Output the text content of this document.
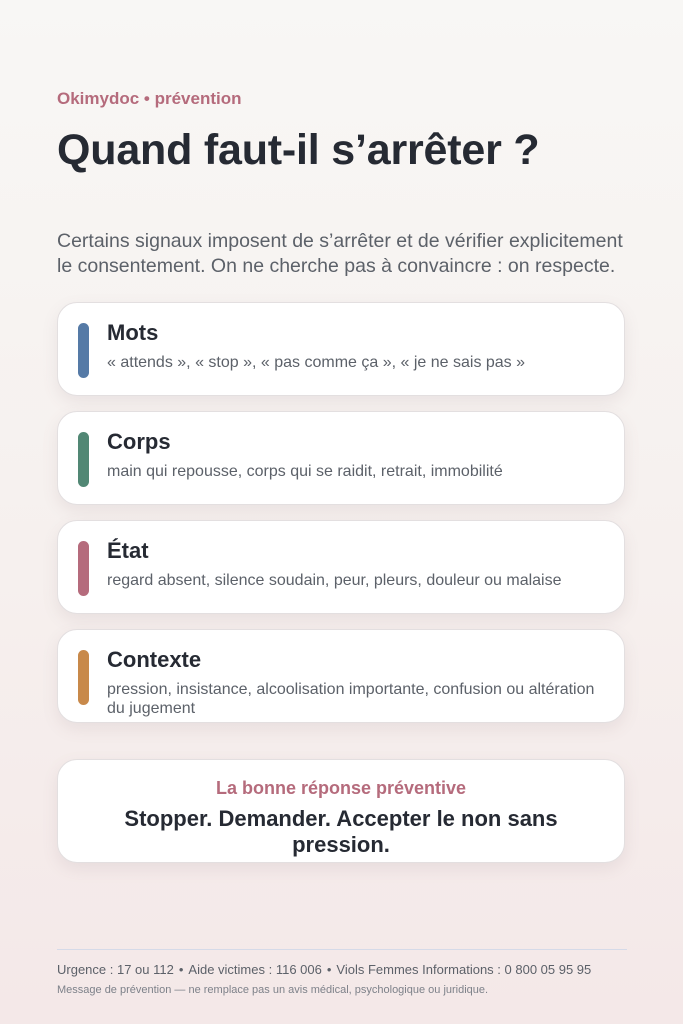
Okimydoc • prévention
Quand faut-il s’arrêter ?
Certains signaux imposent de s’arrêter et de vérifier explicitement le consentement. On ne cherche pas à convaincre : on respecte.
Mots
« attends », « stop », « pas comme ça », « je ne sais pas »
Corps
main qui repousse, corps qui se raidit, retrait, immobilité
État
regard absent, silence soudain, peur, pleurs, douleur ou malaise
Contexte
pression, insistance, alcoolisation importante, confusion ou altération du jugement
La bonne réponse préventive
Stopper. Demander. Accepter le non sans pression.
Urgence : 17 ou 112 • Aide victimes : 116 006 • Viols Femmes Informations : 0 800 05 95 95
Message de prévention — ne remplace pas un avis médical, psychologique ou juridique.
